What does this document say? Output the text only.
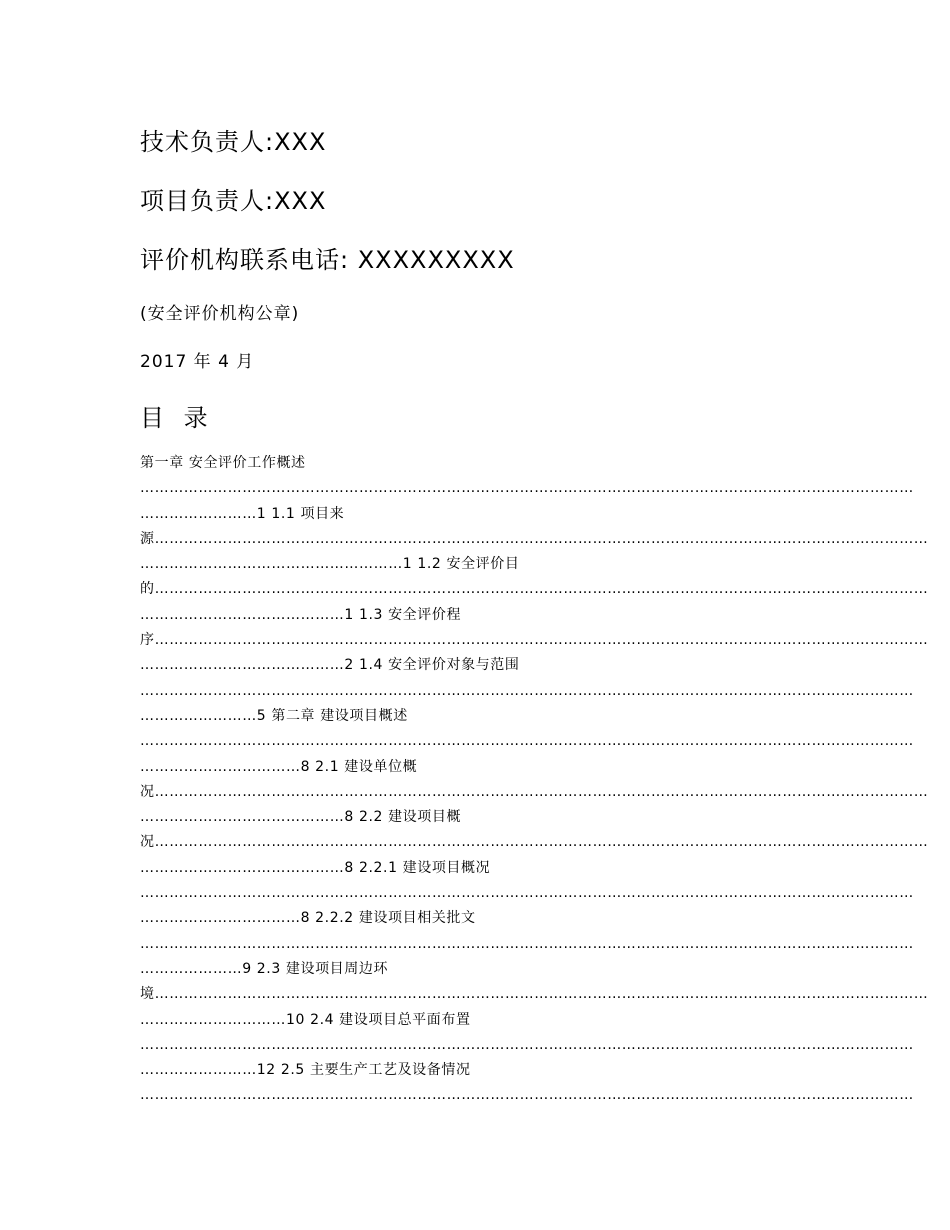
技术负责人:XXX
项目负责人:XXX
评价机构联系电话: XXXXXXXXX
(安全评价机构公章)
2017 年 4 月
目 录
第一章 安全评价工作概述
……………………………………………………………………………………………………………………………………………
……………………1 1.1 项目来
源……………………………………………………………………………………………………………………………………………
………………………………………………1 1.2 安全评价目
的……………………………………………………………………………………………………………………………………………
……………………………………1 1.3 安全评价程
序……………………………………………………………………………………………………………………………………………
……………………………………2 1.4 安全评价对象与范围
……………………………………………………………………………………………………………………………………………
……………………5 第二章 建设项目概述
……………………………………………………………………………………………………………………………………………
……………………………8 2.1 建设单位概
况……………………………………………………………………………………………………………………………………………
……………………………………8 2.2 建设项目概
况……………………………………………………………………………………………………………………………………………
……………………………………8 2.2.1 建设项目概况
……………………………………………………………………………………………………………………………………………
……………………………8 2.2.2 建设项目相关批文
……………………………………………………………………………………………………………………………………………
…………………9 2.3 建设项目周边环
境……………………………………………………………………………………………………………………………………………
…………………………10 2.4 建设项目总平面布置
……………………………………………………………………………………………………………………………………………
……………………12 2.5 主要生产工艺及设备情况
……………………………………………………………………………………………………………………………………………
